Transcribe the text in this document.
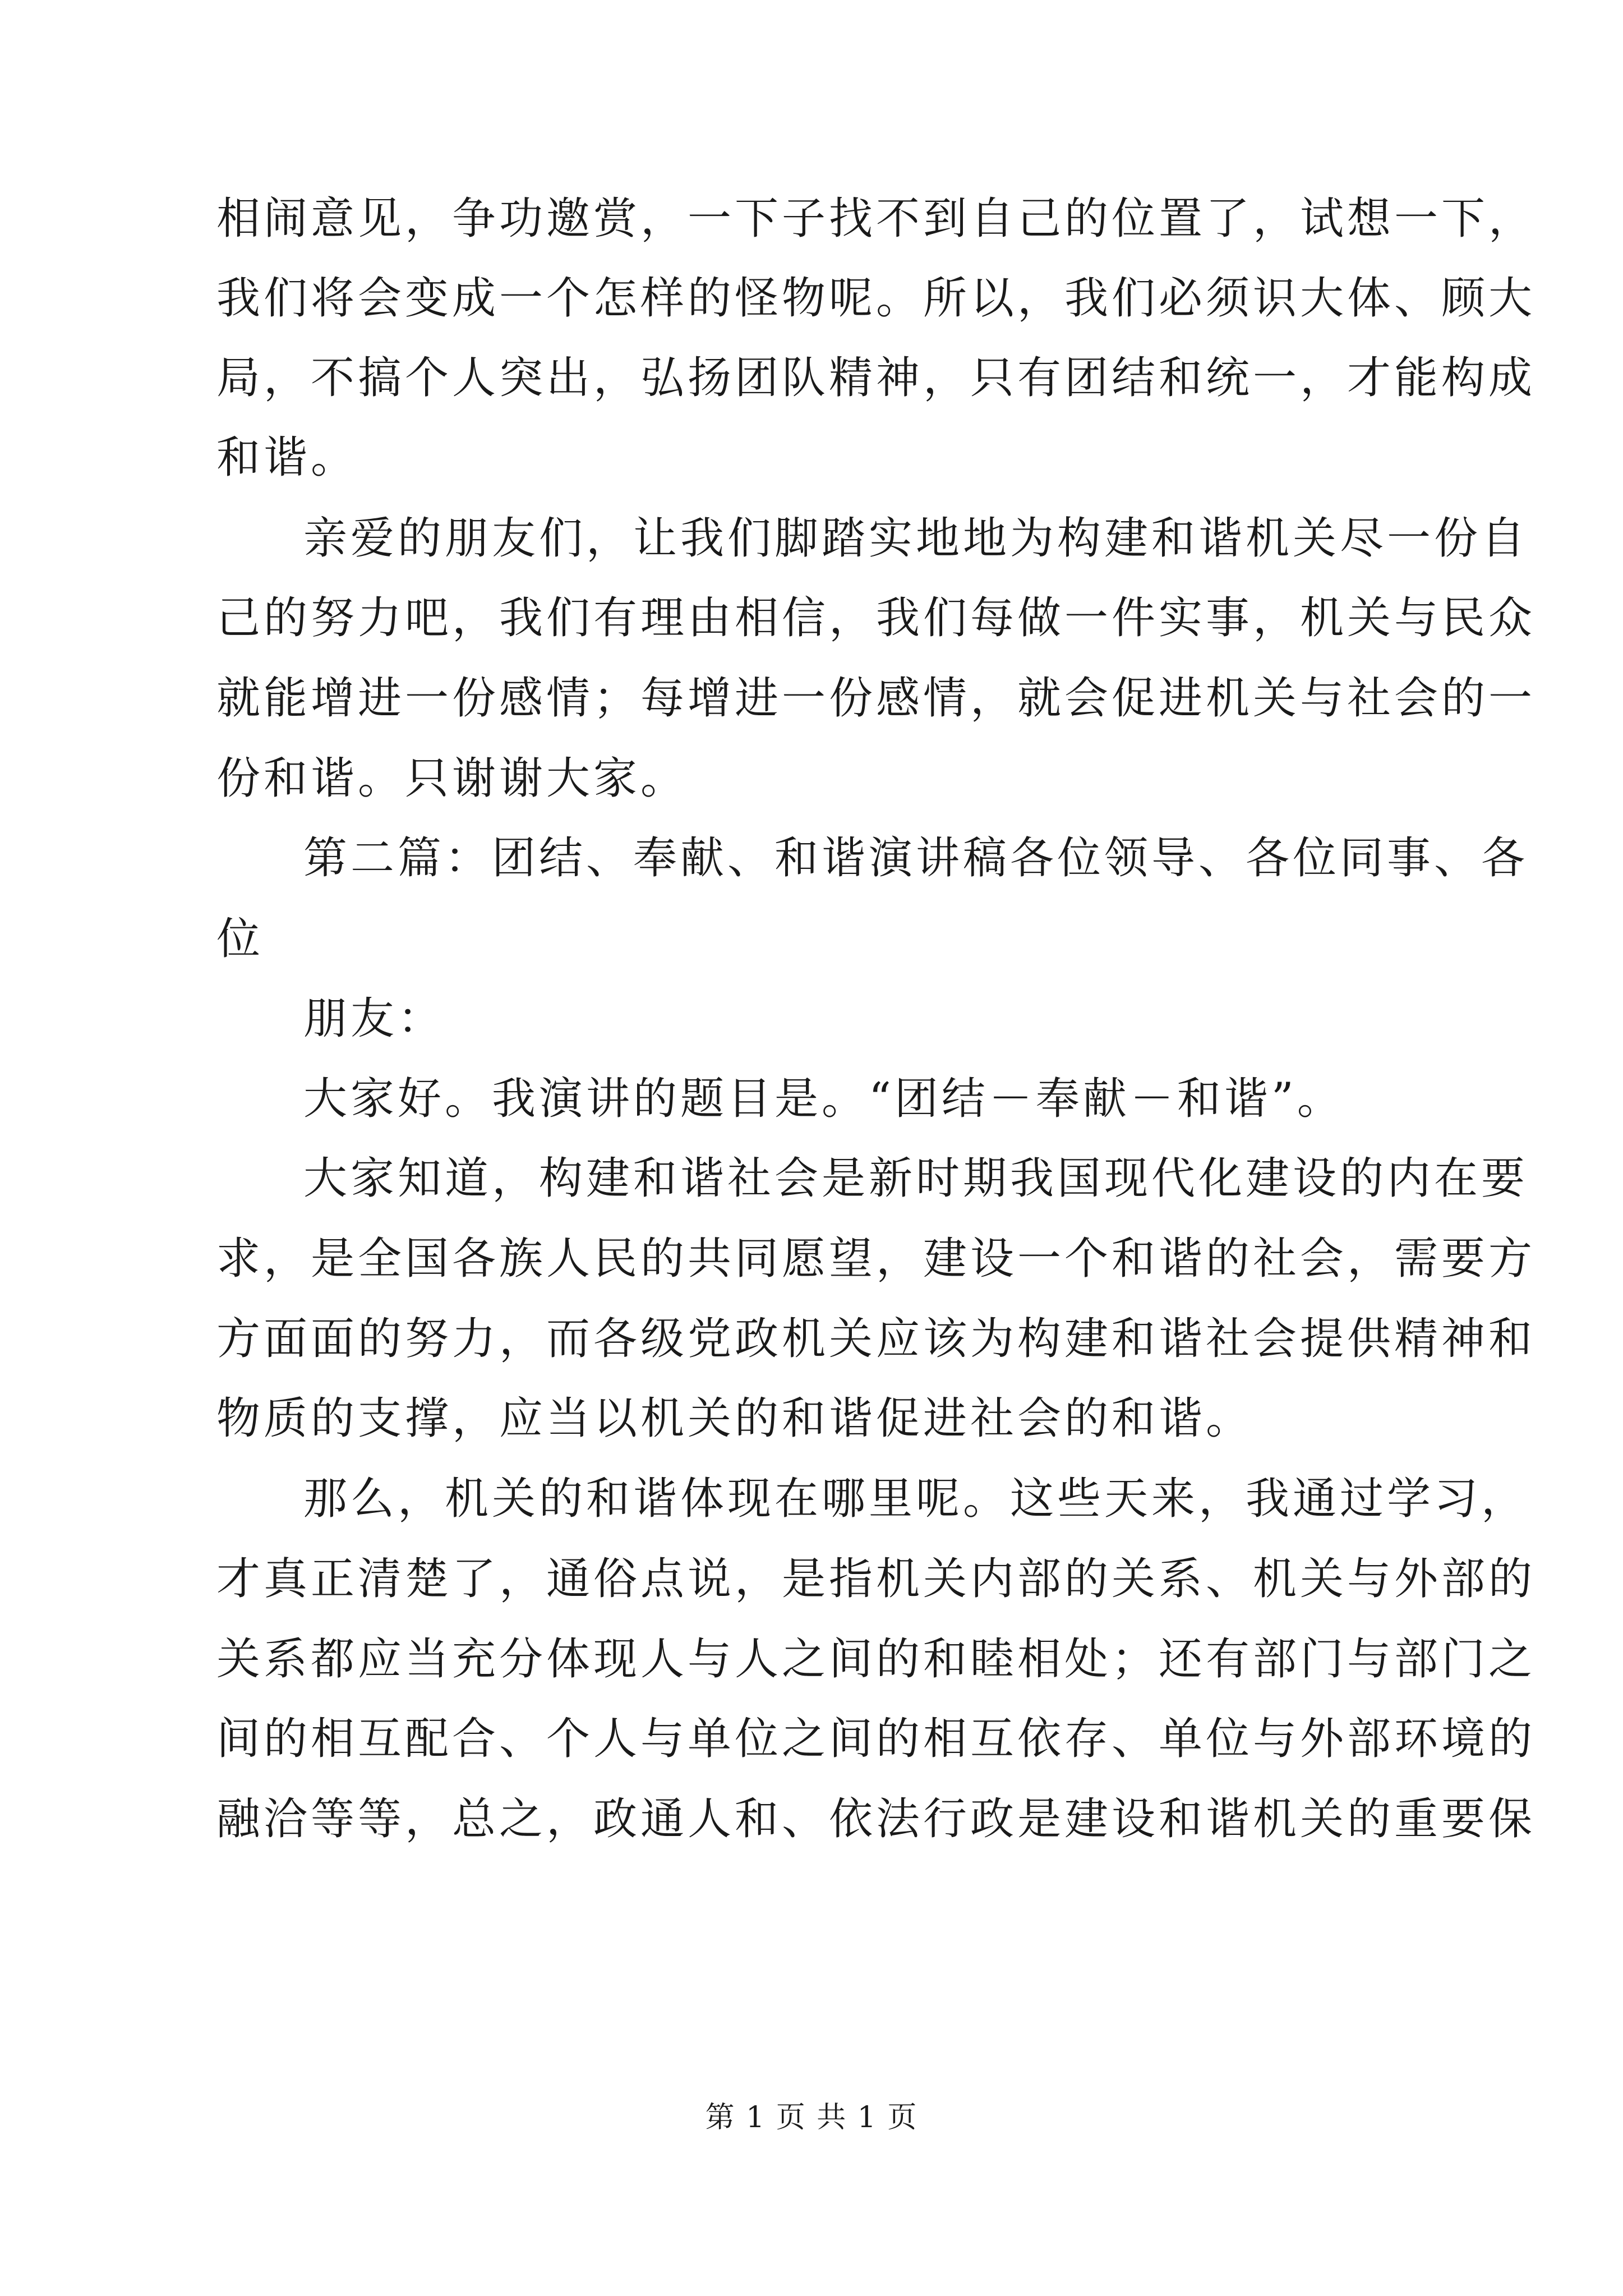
相闹意见，争功邀赏，一下子找不到自己的位置了，试想一下，
我们将会变成一个怎样的怪物呢。所以，我们必须识大体、顾大
局，不搞个人突出，弘扬团队精神，只有团结和统一，才能构成
和谐。
亲爱的朋友们，让我们脚踏实地地为构建和谐机关尽一份自
己的努力吧，我们有理由相信，我们每做一件实事，机关与民众
就能增进一份感情；每增进一份感情，就会促进机关与社会的一
份和谐。只谢谢大家。
第二篇：团结、奉献、和谐演讲稿各位领导、各位同事、各
位
朋友：
大家好。我演讲的题目是。“团结－奉献－和谐”。
大家知道，构建和谐社会是新时期我国现代化建设的内在要
求，是全国各族人民的共同愿望，建设一个和谐的社会，需要方
方面面的努力，而各级党政机关应该为构建和谐社会提供精神和
物质的支撑，应当以机关的和谐促进社会的和谐。
那么，机关的和谐体现在哪里呢。这些天来，我通过学习，
才真正清楚了，通俗点说，是指机关内部的关系、机关与外部的
关系都应当充分体现人与人之间的和睦相处；还有部门与部门之
间的相互配合、个人与单位之间的相互依存、单位与外部环境的
融洽等等，总之，政通人和、依法行政是建设和谐机关的重要保
第 1 页 共 1 页
